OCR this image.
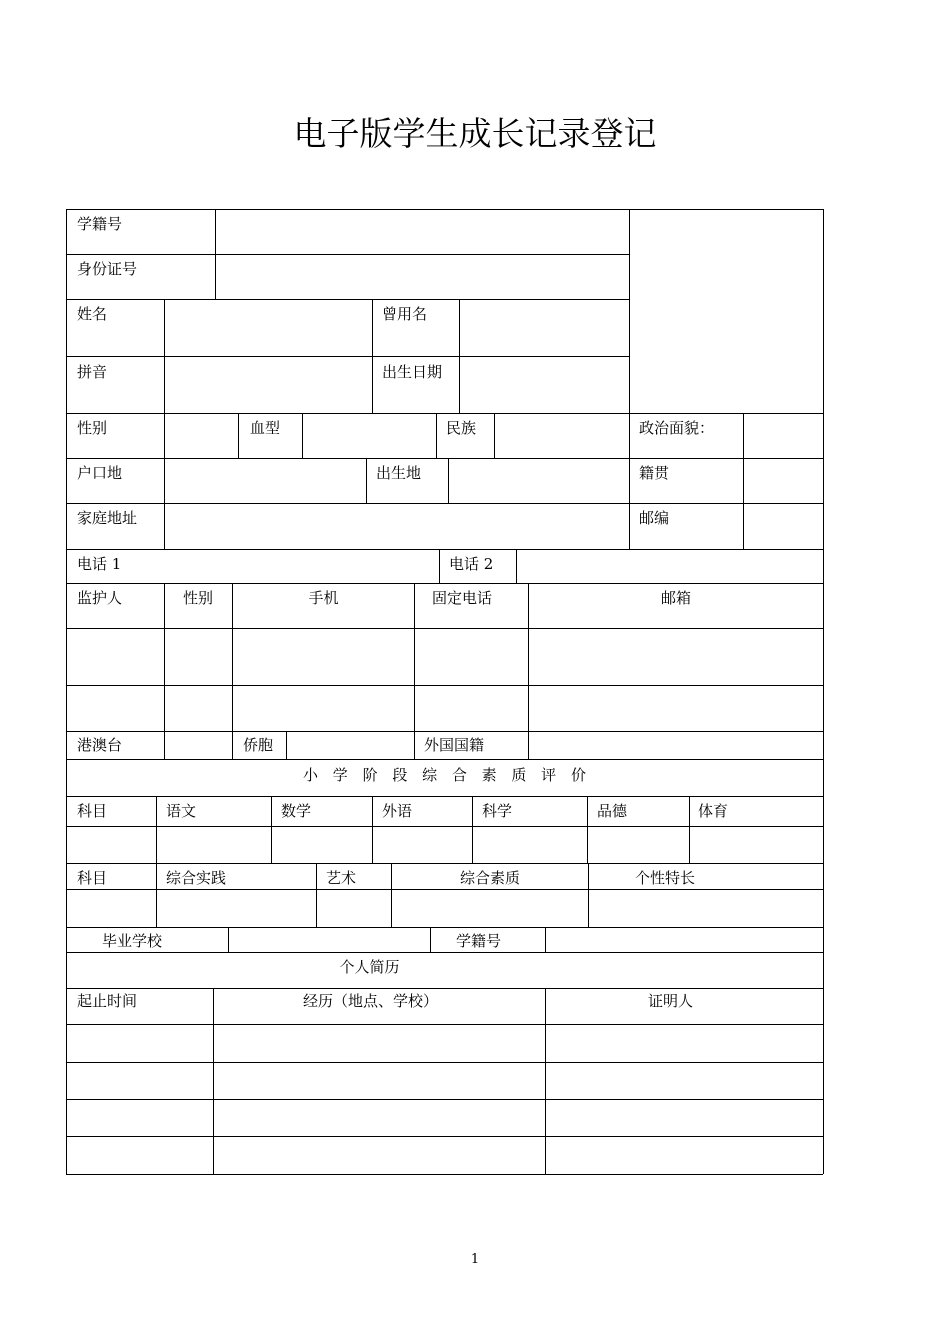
电子版学生成长记录登记
学籍号
身份证号
姓名	曾用名
拼音	出生日期
性别	血型	民族	政治面貌：
户口地	出生地	籍贯
家庭地址	邮编
电话 1	电话 2
监护人	性别	手机	固定电话	邮箱
港澳台	侨胞	外国国籍
小 学 阶 段 综 合 素 质 评 价
科目	语文	数学	外语	科学	品德	体育
科目	综合实践	艺术	综合素质	个性特长
毕业学校	学籍号
个人简历
起止时间	经历（地点、学校）	证明人
1
